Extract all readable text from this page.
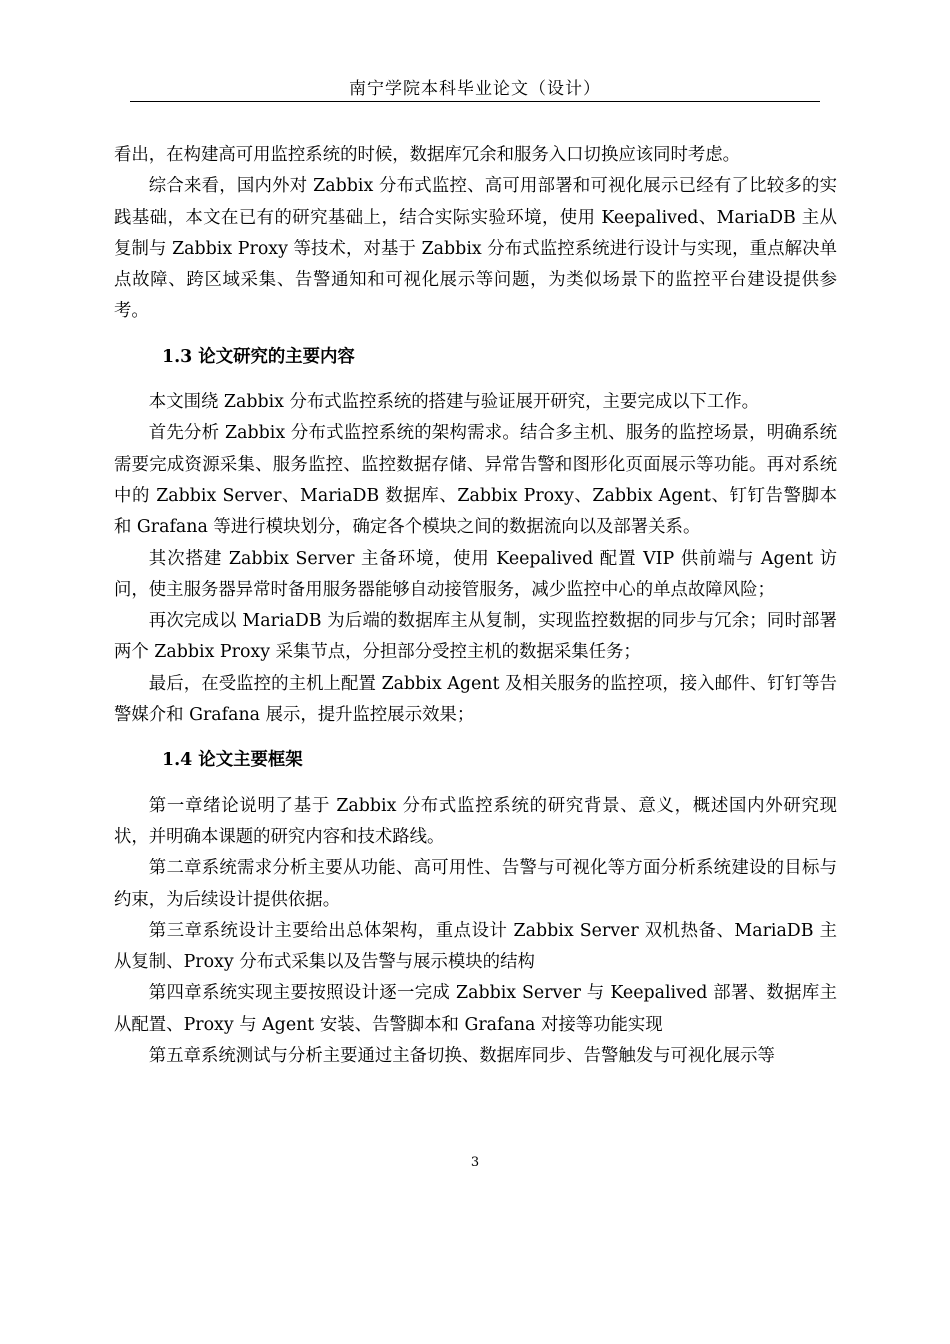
南宁学院本科毕业论文（设计）

看出，在构建高可用监控系统的时候，数据库冗余和服务入口切换应该同时考虑。

综合来看，国内外对 Zabbix 分布式监控、高可用部署和可视化展示已经有了比较多的实践基础，本文在已有的研究基础上，结合实际实验环境，使用 Keepalived、MariaDB 主从复制与 Zabbix Proxy 等技术，对基于 Zabbix 分布式监控系统进行设计与实现，重点解决单点故障、跨区域采集、告警通知和可视化展示等问题，为类似场景下的监控平台建设提供参考。

1.3 论文研究的主要内容

本文围绕 Zabbix 分布式监控系统的搭建与验证展开研究，主要完成以下工作。

首先分析 Zabbix 分布式监控系统的架构需求。结合多主机、服务的监控场景，明确系统需要完成资源采集、服务监控、监控数据存储、异常告警和图形化页面展示等功能。再对系统中的 Zabbix Server、MariaDB 数据库、Zabbix Proxy、Zabbix Agent、钉钉告警脚本和 Grafana 等进行模块划分，确定各个模块之间的数据流向以及部署关系。

其次搭建 Zabbix Server 主备环境，使用 Keepalived 配置 VIP 供前端与 Agent 访问，使主服务器异常时备用服务器能够自动接管服务，减少监控中心的单点故障风险；

再次完成以 MariaDB 为后端的数据库主从复制，实现监控数据的同步与冗余；同时部署两个 Zabbix Proxy 采集节点，分担部分受控主机的数据采集任务；

最后，在受监控的主机上配置 Zabbix Agent 及相关服务的监控项，接入邮件、钉钉等告警媒介和 Grafana 展示，提升监控展示效果；

1.4 论文主要框架

第一章绪论说明了基于 Zabbix 分布式监控系统的研究背景、意义，概述国内外研究现状，并明确本课题的研究内容和技术路线。

第二章系统需求分析主要从功能、高可用性、告警与可视化等方面分析系统建设的目标与约束，为后续设计提供依据。

第三章系统设计主要给出总体架构，重点设计 Zabbix Server 双机热备、MariaDB 主从复制、Proxy 分布式采集以及告警与展示模块的结构

第四章系统实现主要按照设计逐一完成 Zabbix Server 与 Keepalived 部署、数据库主从配置、Proxy 与 Agent 安装、告警脚本和 Grafana 对接等功能实现

第五章系统测试与分析主要通过主备切换、数据库同步、告警触发与可视化展示等

3
